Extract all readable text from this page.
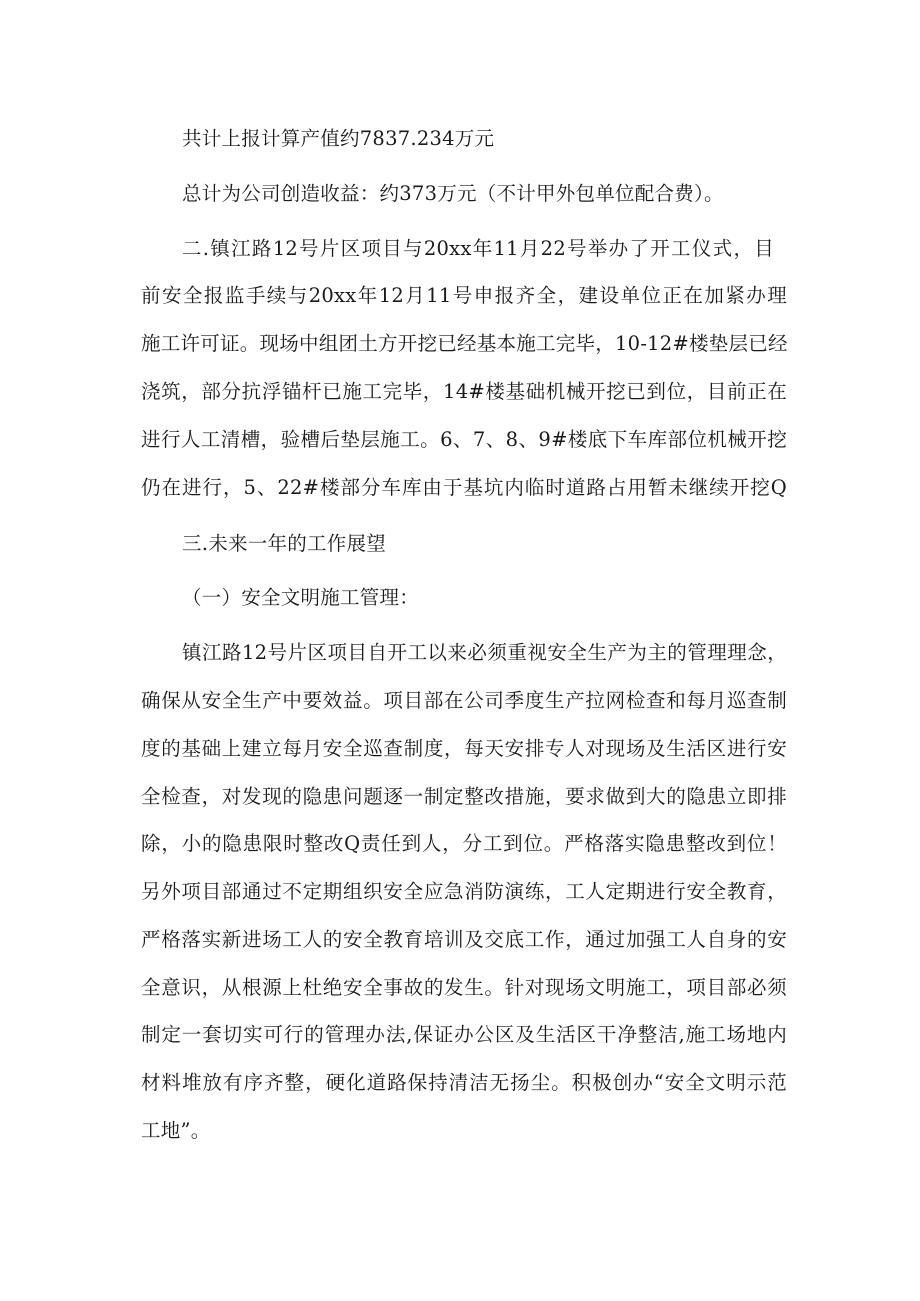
共计上报计算产值约7837.234万元
总计为公司创造收益：约373万元（不计甲外包单位配合费）。
二.镇江路12号片区项目与20xx年11月22号举办了开工仪式，目
前安全报监手续与20xx年12月11号申报齐全，建设单位正在加紧办理
施工许可证。现场中组团土方开挖已经基本施工完毕，10-12#楼垫层已经
浇筑，部分抗浮锚杆已施工完毕，14#楼基础机械开挖已到位，目前正在
进行人工清槽，验槽后垫层施工。6、7、8、9#楼底下车库部位机械开挖
仍在进行，5、22#楼部分车库由于基坑内临时道路占用暂未继续开挖Q
三.未来一年的工作展望
（一）安全文明施工管理：
镇江路12号片区项目自开工以来必须重视安全生产为主的管理理念，
确保从安全生产中要效益。项目部在公司季度生产拉网检查和每月巡查制
度的基础上建立每月安全巡查制度，每天安排专人对现场及生活区进行安
全检查，对发现的隐患问题逐一制定整改措施，要求做到大的隐患立即排
除，小的隐患限时整改Q责任到人，分工到位。严格落实隐患整改到位！
另外项目部通过不定期组织安全应急消防演练，工人定期进行安全教育，
严格落实新进场工人的安全教育培训及交底工作，通过加强工人自身的安
全意识，从根源上杜绝安全事故的发生。针对现场文明施工，项目部必须
制定一套切实可行的管理办法,保证办公区及生活区干净整洁,施工场地内
材料堆放有序齐整，硬化道路保持清洁无扬尘。积极创办“安全文明示范
工地”。
